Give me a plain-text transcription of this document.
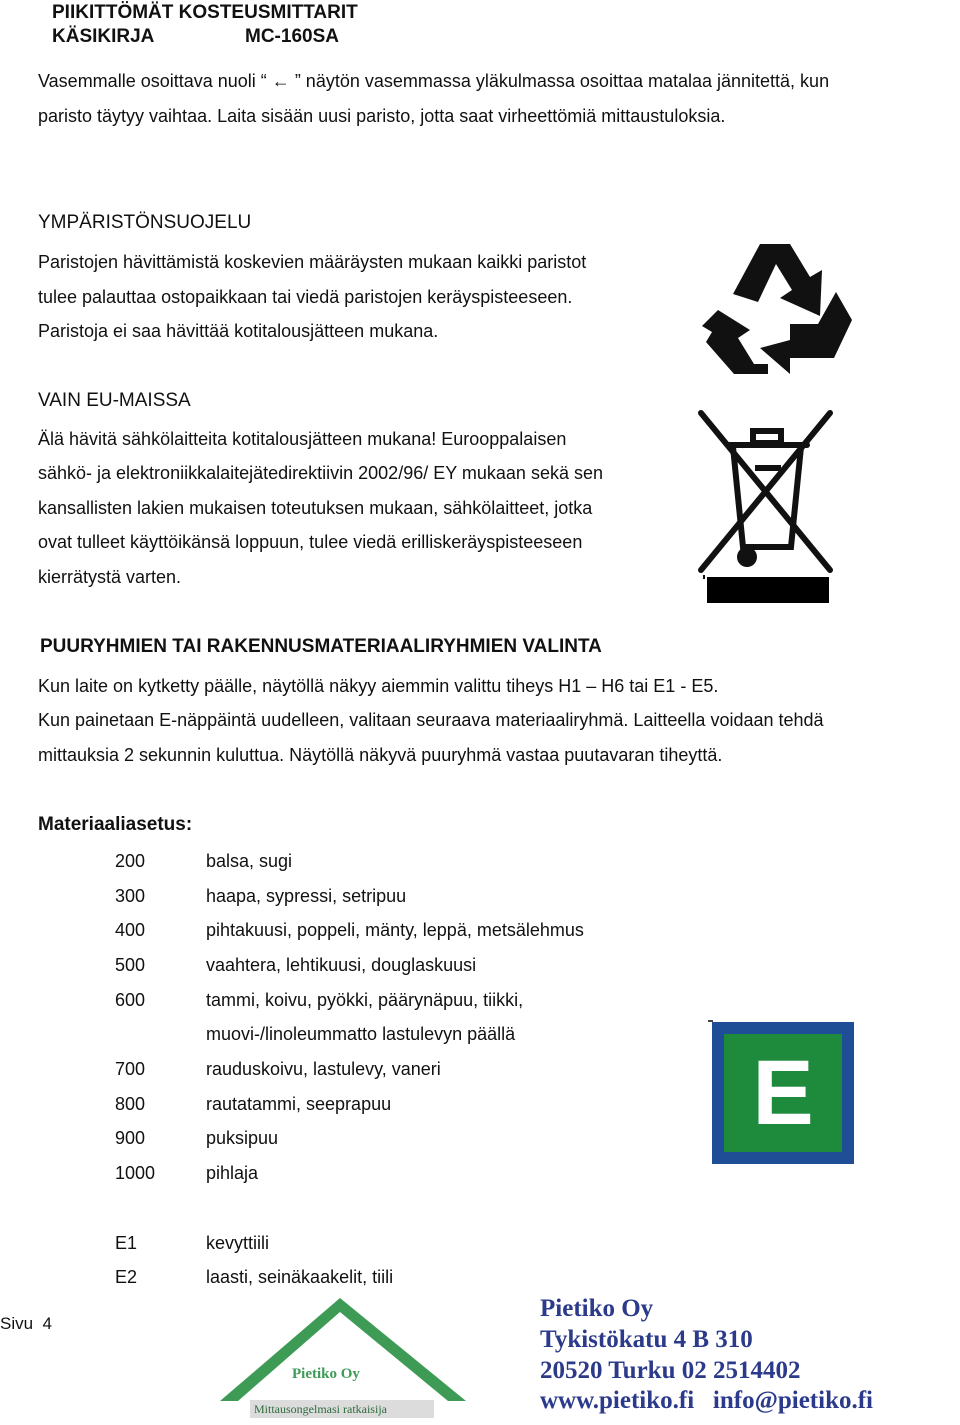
PIIKITTÖMÄT KOSTEUSMITTARIT
KÄSIKIRJA	MC-160SA
Vasemmalle osoittava nuoli “ ← ” näytön vasemmassa yläkulmassa osoittaa matalaa jännitettä, kun
paristo täytyy vaihtaa. Laita sisään uusi paristo, jotta saat virheettömiä mittaustuloksia.
YMPÄRISTÖNSUOJELU
Paristojen hävittämistä koskevien määräysten mukaan kaikki paristot
tulee palauttaa ostopaikkaan tai viedä paristojen keräyspisteeseen.
Paristoja ei saa hävittää kotitalousjätteen mukana.
VAIN EU-MAISSA
Älä hävitä sähkölaitteita kotitalousjätteen mukana! Eurooppalaisen
sähkö- ja elektroniikkalaitejätedirektiivin 2002/96/ EY mukaan sekä sen
kansallisten lakien mukaisen toteutuksen mukaan, sähkölaitteet, jotka
ovat tulleet käyttöikänsä loppuun, tulee viedä erilliskeräyspisteeseen
kierrätystä varten.
PUURYHMIEN TAI RAKENNUSMATERIAALIRYHMIEN VALINTA
Kun laite on kytketty päälle, näytöllä näkyy aiemmin valittu tiheys H1 – H6 tai E1 - E5.
Kun painetaan E-näppäintä uudelleen, valitaan seuraava materiaaliryhmä. Laitteella voidaan tehdä
mittauksia 2 sekunnin kuluttua. Näytöllä näkyvä puuryhmä vastaa puutavaran tiheyttä.
Materiaaliasetus:
200	balsa, sugi
300	haapa, sypressi, setripuu
400	pihtakuusi, poppeli, mänty, leppä, metsälehmus
500	vaahtera, lehtikuusi, douglaskuusi
600	tammi, koivu, pyökki, päärynäpuu, tiikki,
muovi-/linoleummatto lastulevyn päällä
700	rauduskoivu, lastulevy, vaneri
800	rautatammi, seeprapuu
900	puksipuu
1000	pihlaja
E1	kevyttiili
E2	laasti, seinäkaakelit, tiili
E
Sivu 4
Pietiko Oy
Mittausongelmasi ratkaisija
Pietiko Oy
Tykistökatu 4 B 310
20520 Turku 02 2514402
www.pietiko.fi   info@pietiko.fi
